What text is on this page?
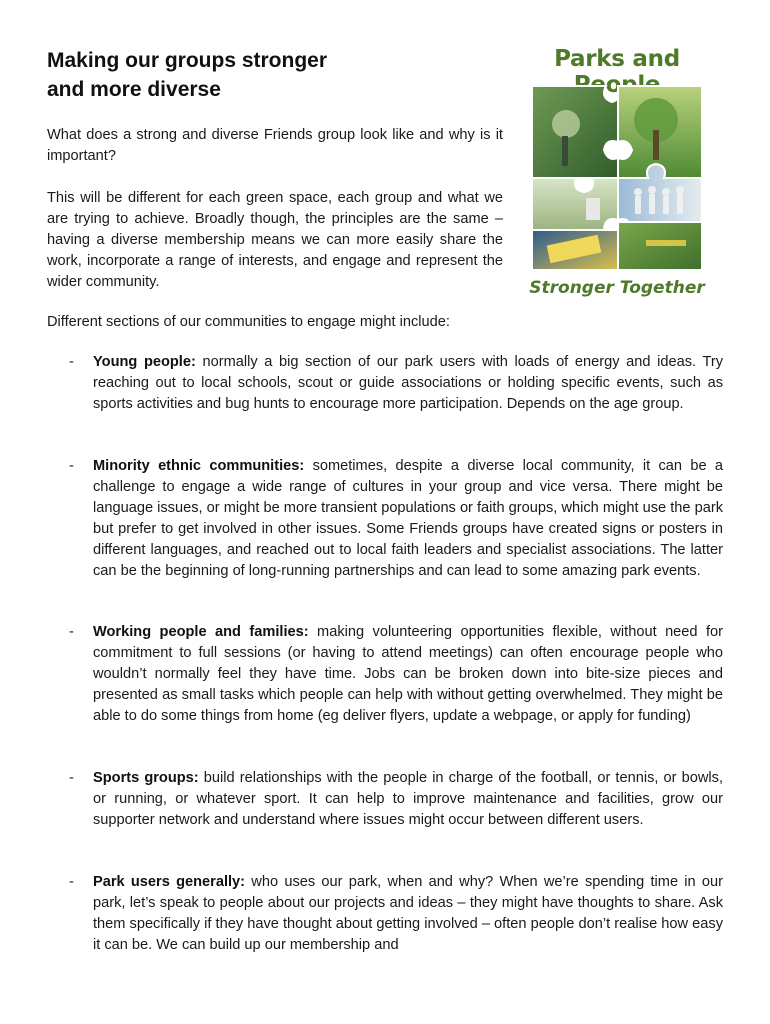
Making our groups stronger
and more diverse

What does a strong and diverse Friends group look like and why is it important?

This will be different for each green space, each group and what we are trying to achieve. Broadly though, the principles are the same – having a diverse membership means we can more easily share the work, incorporate a range of interests, and engage and represent the wider community.

Different sections of our communities to engage might include:
Parks and
Stronger Together
- Young people: normally a big section of our park users with loads of energy and ideas. Try reaching out to local schools, scout or guide associations or holding specific events, such as sports activities and bug hunts to encourage more participation. Depends on the age group.
- Minority ethnic communities: sometimes, despite a diverse local community, it can be a challenge to engage a wide range of cultures in your group and vice versa. There might be language issues, or might be more transient populations or faith groups, which might use the park but prefer to get involved in other issues. Some Friends groups have created signs or posters in different languages, and reached out to local faith leaders and specialist associations. The latter can be the beginning of long-running partnerships and can lead to some amazing park events.
- Working people and families: making volunteering opportunities flexible, without need for commitment to full sessions (or having to attend meetings) can often encourage people who wouldn’t normally feel they have time. Jobs can be broken down into bite-size pieces and presented as small tasks which people can help with without getting overwhelmed. They might be able to do some things from home (eg deliver flyers, update a webpage, or apply for funding)
- Sports groups: build relationships with the people in charge of the football, or tennis, or bowls, or running, or whatever sport. It can help to improve maintenance and facilities, grow our supporter network and understand where issues might occur between different users.
- Park users generally: who uses our park, when and why? When we’re spending time in our park, let’s speak to people about our projects and ideas – they might have thoughts to share. Ask them specifically if they have thought about getting involved – often people don’t realise how easy it can be. We can build up our membership and
